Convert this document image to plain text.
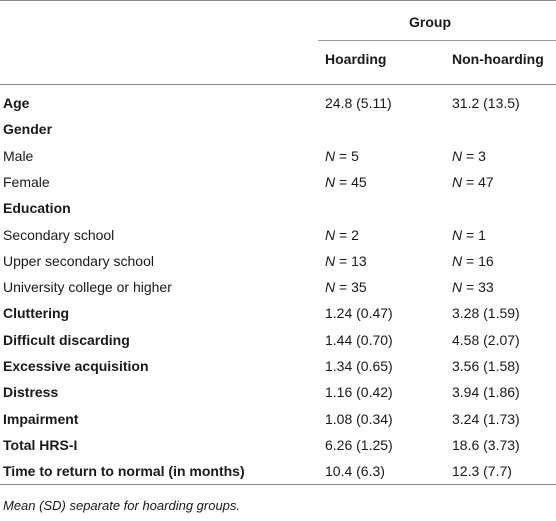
Group
Hoarding	Non-hoarding
Age	24.8 (5.11)	31.2 (13.5)
Gender
Male	N = 5	N = 3
Female	N = 45	N = 47
Education
Secondary school	N = 2	N = 1
Upper secondary school	N = 13	N = 16
University college or higher	N = 35	N = 33
Cluttering	1.24 (0.47)	3.28 (1.59)
Difficult discarding	1.44 (0.70)	4.58 (2.07)
Excessive acquisition	1.34 (0.65)	3.56 (1.58)
Distress	1.16 (0.42)	3.94 (1.86)
Impairment	1.08 (0.34)	3.24 (1.73)
Total HRS-I	6.26 (1.25)	18.6 (3.73)
Time to return to normal (in months)	10.4 (6.3)	12.3 (7.7)
Mean (SD) separate for hoarding groups.
